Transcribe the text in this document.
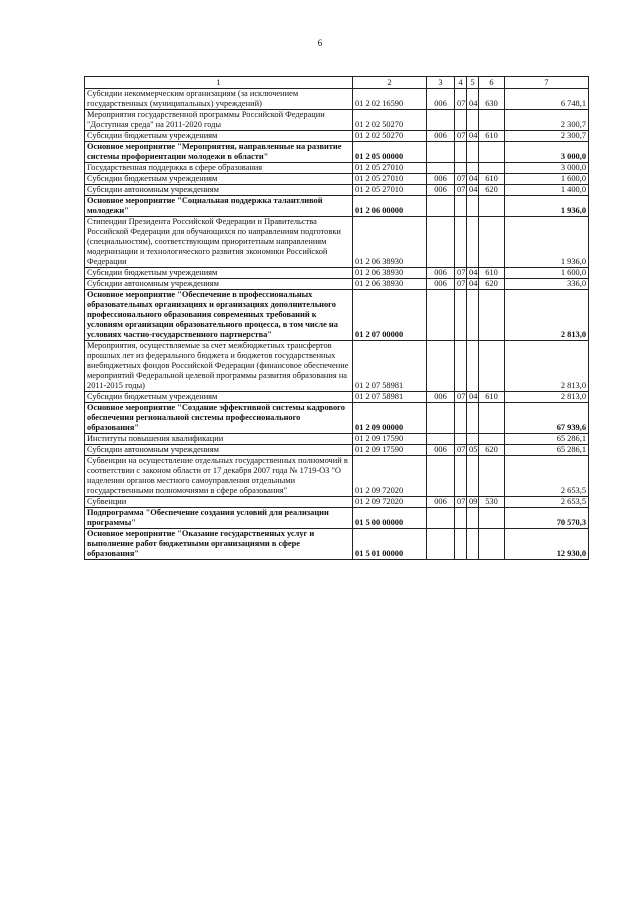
6
1	2	3	4	5	6	7
Субсидии некоммерческим организациям (за исключением государственных (муниципальных) учреждений)	01 2 02 16590	006	07	04	630	6 748,1
Мероприятия государственной программы Российской Федерации "Доступная среда" на 2011-2020 годы	01 2 02 50270					2 300,7
Субсидии бюджетным учреждениям	01 2 02 50270	006	07	04	610	2 300,7
Основное мероприятие "Мероприятия, направленные на развитие системы профориентации молодежи в области"	01 2 05 00000					3 000,0
Государственная поддержка в сфере образования	01 2 05 27010					3 000,0
Субсидии бюджетным учреждениям	01 2 05 27010	006	07	04	610	1 600,0
Субсидии автономным учреждениям	01 2 05 27010	006	07	04	620	1 400,0
Основное мероприятие "Социальная поддержка талантливой молодежи"	01 2 06 00000					1 936,0
Стипендии Президента Российской Федерации и Правительства Российской Федерации для обучающихся по направлениям подготовки (специальностям), соответствующим приоритетным направлениям модернизации и технологического развития экономики Российской Федерации	01 2 06 38930					1 936,0
Субсидии бюджетным учреждениям	01 2 06 38930	006	07	04	610	1 600,0
Субсидии автономным учреждениям	01 2 06 38930	006	07	04	620	336,0
Основное мероприятие "Обеспечение в профессиональных образовательных организациях и организациях дополнительного профессионального образования современных требований к условиям организации образовательного процесса, в том числе на условиях частно-государственного партнерства"	01 2 07 00000					2 813,0
Мероприятия, осуществляемые за счет межбюджетных трансфертов прошлых лет из федерального бюджета и бюджетов государственных внебюджетных фондов Российской Федерации (финансовое обеспечение мероприятий Федеральной целевой программы развития образования на 2011-2015 годы)	01 2 07 58981					2 813,0
Субсидии бюджетным учреждениям	01 2 07 58981	006	07	04	610	2 813,0
Основное мероприятие "Создание эффективной системы кадрового обеспечения региональной системы профессионального образования"	01 2 09 00000					67 939,6
Институты повышения квалификации	01 2 09 17590					65 286,1
Субсидии автономным учреждениям	01 2 09 17590	006	07	05	620	65 286,1
Субвенции на осуществление отдельных государственных полномочий в соответствии с законом области от 17 декабря 2007 года № 1719-ОЗ "О наделении органов местного самоуправления отдельными государственными полномочиями в сфере образования"	01 2 09 72020					2 653,5
Субвенции	01 2 09 72020	006	07	09	530	2 653,5
Подпрограмма "Обеспечение создания условий для реализации программы"	01 5 00 00000					70 570,3
Основное мероприятие "Оказание государственных услуг и выполнение работ бюджетными организациями в сфере образования"	01 5 01 00000					12 930,0
